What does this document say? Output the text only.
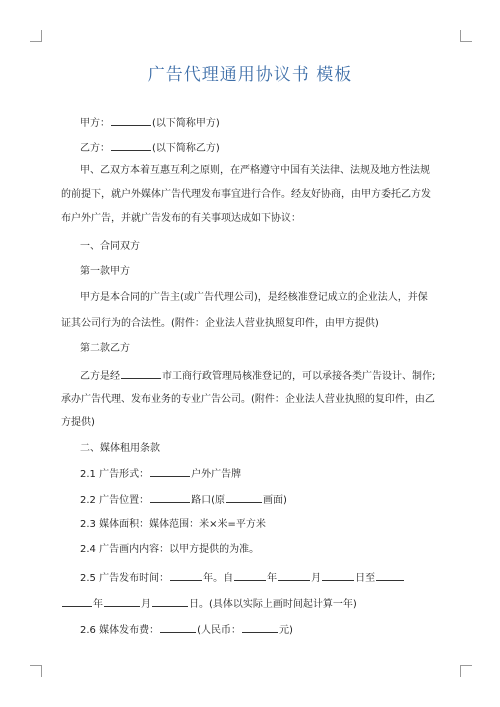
广告代理通用协议书 模板
甲方：	(以下简称甲方)
乙方：	(以下简称乙方)
甲、乙双方本着互惠互利之原则，在严格遵守中国有关法律、法规及地方性法规
的前提下，就户外媒体广告代理发布事宜进行合作。经友好协商，由甲方委托乙方发
布户外广告，并就广告发布的有关事项达成如下协议：
一、合同双方
第一款甲方
甲方是本合同的广告主(或广告代理公司)，是经核准登记成立的企业法人，并保
证其公司行为的合法性。(附件：企业法人营业执照复印件，由甲方提供)
第二款乙方
乙方是经	市工商行政管理局核准登记的，可以承接各类广告设计、制作;
承办广告代理、发布业务的专业广告公司。(附件：企业法人营业执照的复印件，由乙
方提供)
二、媒体租用条款
2.1 广告形式：	户外广告牌
2.2 广告位置：	路口(原	画面)
2.3 媒体面积：媒体范围：米×米=平方米
2.4 广告画内内容：以甲方提供的为准。
2.5 广告发布时间：	年。自	年	月	日至
年	月	日。(具体以实际上画时间起计算一年)
2.6 媒体发布费：	(人民币：	元)
